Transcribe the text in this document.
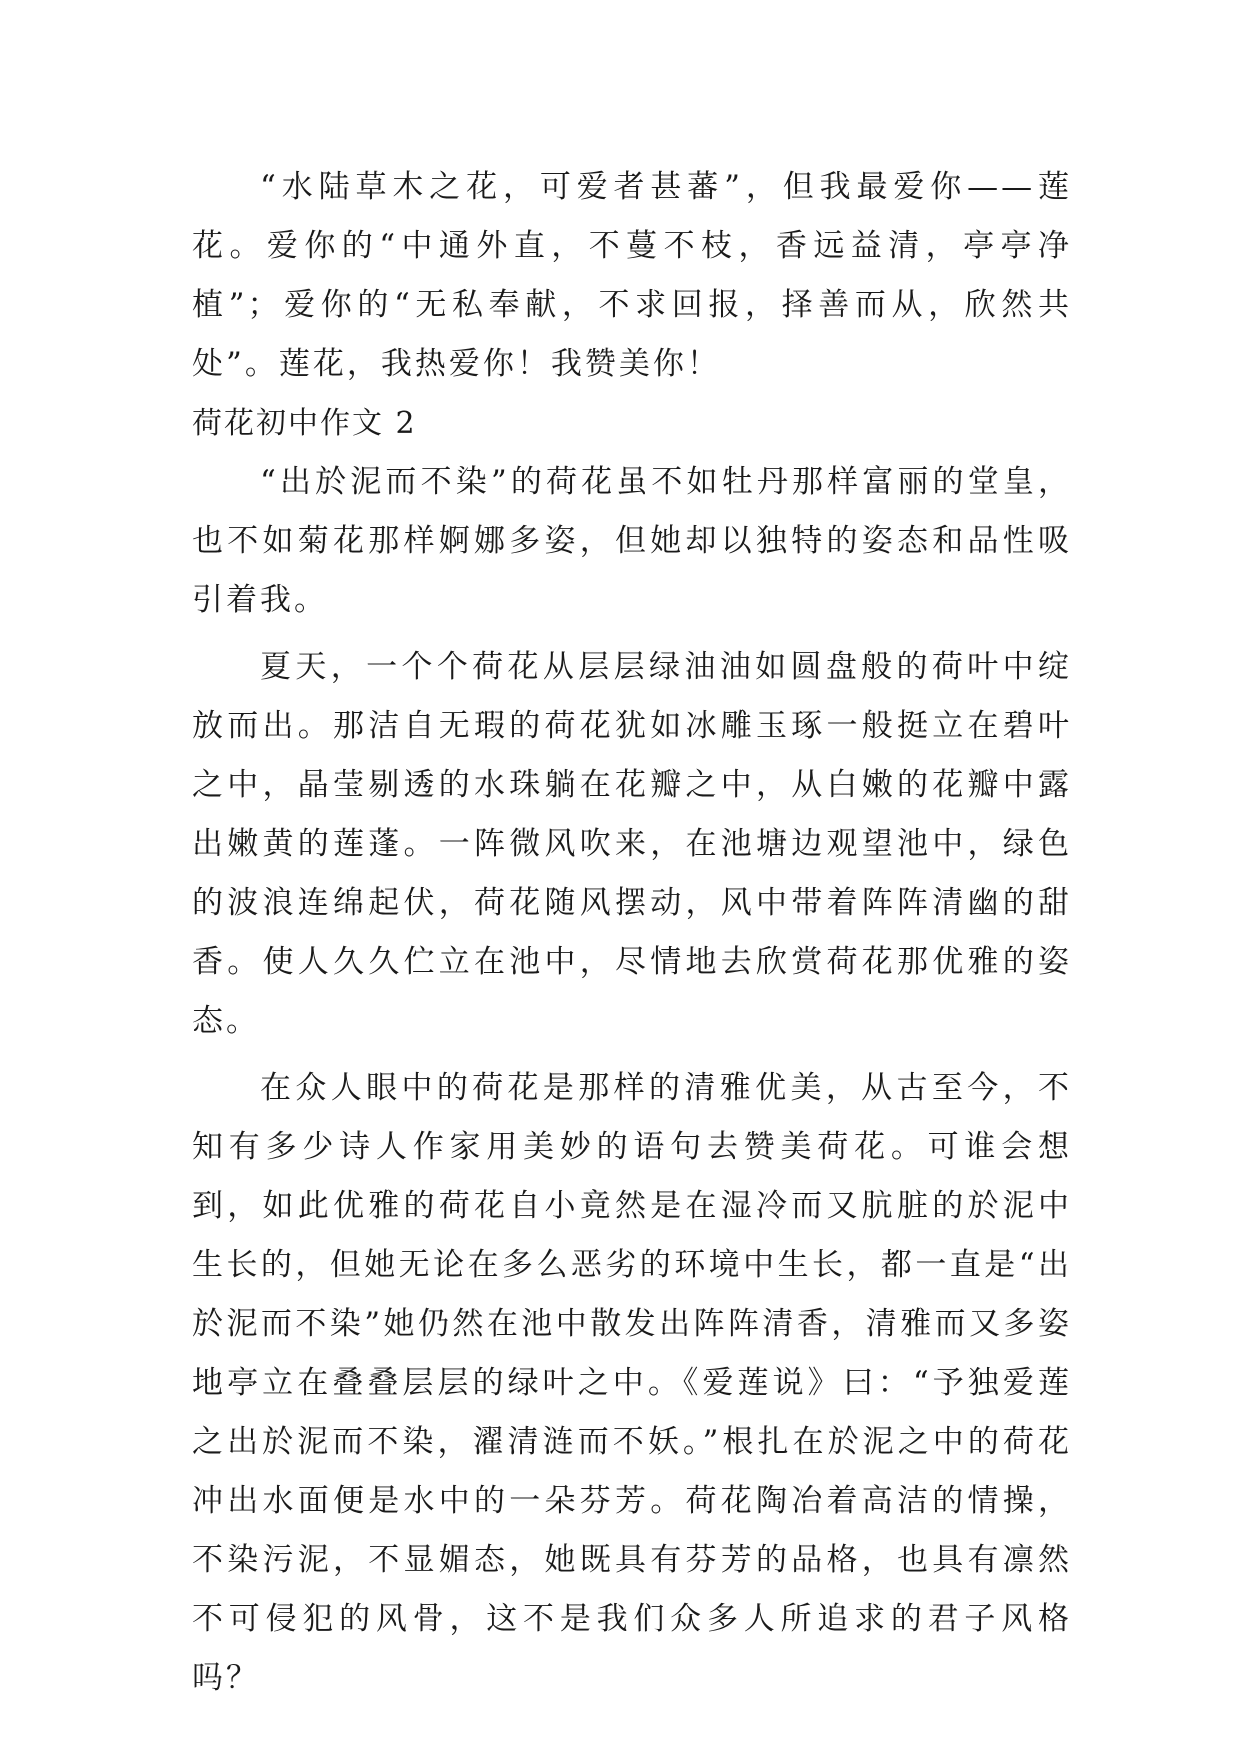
“水陆草木之花，可爱者甚蕃”，但我最爱你——莲花。爱你的“中通外直，不蔓不枝，香远益清，亭亭净植”；爱你的“无私奉献，不求回报，择善而从，欣然共处”。莲花，我热爱你！我赞美你！

荷花初中作文 2

“出於泥而不染”的荷花虽不如牡丹那样富丽的堂皇，也不如菊花那样婀娜多姿，但她却以独特的姿态和品性吸引着我。

夏天，一个个荷花从层层绿油油如圆盘般的荷叶中绽放而出。那洁自无瑕的荷花犹如冰雕玉琢一般挺立在碧叶之中，晶莹剔透的水珠躺在花瓣之中，从白嫩的花瓣中露出嫩黄的莲蓬。一阵微风吹来，在池塘边观望池中，绿色的波浪连绵起伏，荷花随风摆动，风中带着阵阵清幽的甜香。使人久久伫立在池中，尽情地去欣赏荷花那优雅的姿态。

在众人眼中的荷花是那样的清雅优美，从古至今，不知有多少诗人作家用美妙的语句去赞美荷花。可谁会想到，如此优雅的荷花自小竟然是在湿冷而又肮脏的於泥中生长的，但她无论在多么恶劣的环境中生长，都一直是“出於泥而不染”她仍然在池中散发出阵阵清香，清雅而又多姿地亭立在叠叠层层的绿叶之中。《爱莲说》曰：“予独爱莲之出於泥而不染，濯清涟而不妖。”根扎在於泥之中的荷花冲出水面便是水中的一朵芬芳。荷花陶冶着高洁的情操，不染污泥，不显媚态，她既具有芬芳的品格，也具有凛然不可侵犯的风骨，这不是我们众多人所追求的君子风格吗？
